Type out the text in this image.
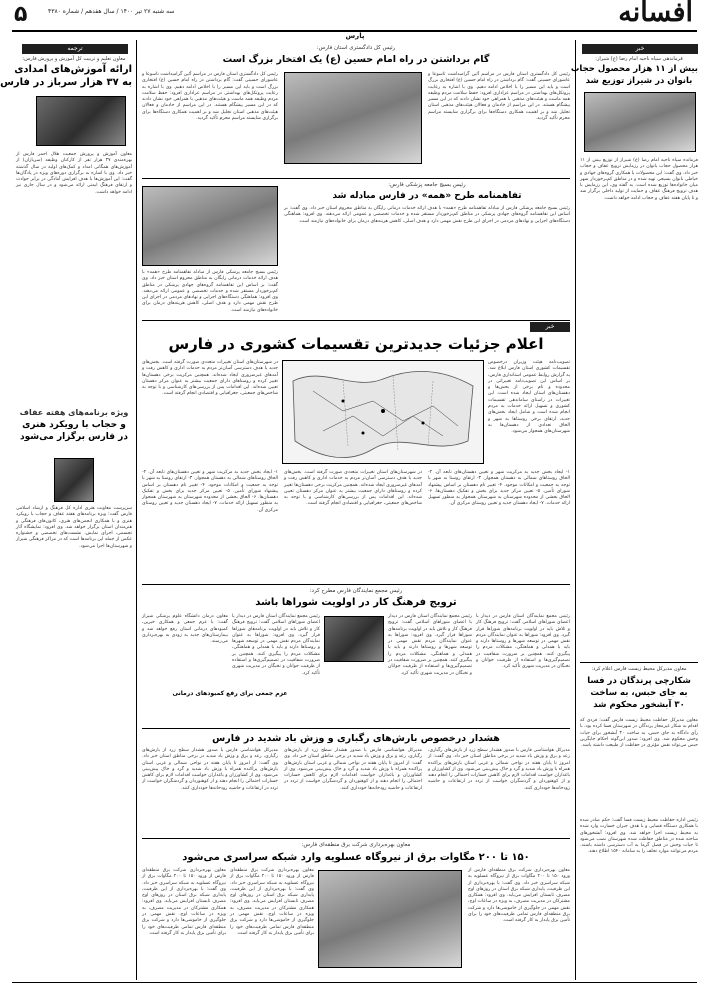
افسانه
سه شنبه ۲۷ تیر ۱۴۰۰ / سال هفدهم / شماره ۴۳۸۰
۵
پارس
ترجمه
معاون تعلیم و تربیت کل آموزش و پرورش فارس:
ارائه آموزش‌های امدادی
به ۳۷ هزار سرباز در فارس
معاون آموزش و پرورش جمعیت هلال احمر فارس از بهره‌مندی ۳۷ هزار نفر از کارکنان وظیفه (سربازان) از آموزش‌های همگانی امداد و کمک‌های اولیه در سال گذشته خبر داد. وی با اشاره به برگزاری دوره‌های ویژه در پادگان‌ها گفت: این آموزش‌ها با هدف افزایش آمادگی در برابر حوادث و ارتقای فرهنگ ایمنی ارائه می‌شود و در سال جاری نیز ادامه خواهد داشت.
ویژه برنامه‌های هفته عفاف
و حجاب با رویکرد هنری
در فارس برگزار می‌شود
سرپرست معاونت هنری اداره کل فرهنگ و ارشاد اسلامی فارس گفت: ویژه برنامه‌های هفته عفاف و حجاب با رویکرد هنری و با همکاری انجمن‌های هنری، کانون‌های فرهنگی و هنرمندان استان برگزار خواهد شد. وی افزود: نمایشگاه آثار تجسمی، اجرای نمایش، نشست‌های تخصصی و جشنواره عکس از جمله این برنامه‌ها است که در مراکز فرهنگی شیراز و شهرستان‌ها اجرا می‌شود.
رئیس کل دادگستری استان فارس:
گام برداشتن در راه امام حسین (ع) یک افتخار بزرگ است
رئیس کل دادگستری استان فارس در مراسم آئین گرامیداشت تاسوعا و عاشورای حسینی گفت: گام برداشتن در راه امام حسین (ع) افتخاری بزرگ است و باید این مسیر را با اخلاص ادامه دهیم. وی با اشاره به رعایت پروتکل‌های بهداشتی در مراسم عزاداری افزود: حفظ سلامت مردم وظیفه همه ماست و هیئت‌های مذهبی با همراهی خود نشان دادند که در این مسیر پیشگام هستند. در این مراسم از خادمان و فعالان هیئت‌های مذهبی استان تجلیل شد و بر اهمیت همکاری دستگاه‌ها برای برگزاری شایسته مراسم محرم تأکید گردید.
رئیس کل دادگستری استان فارس در مراسم آئین گرامیداشت تاسوعا و عاشورای حسینی گفت: گام برداشتن در راه امام حسین (ع) افتخاری بزرگ است و باید این مسیر را با اخلاص ادامه دهیم. وی با اشاره به رعایت پروتکل‌های بهداشتی در مراسم عزاداری افزود: حفظ سلامت مردم وظیفه همه ماست و هیئت‌های مذهبی با همراهی خود نشان دادند که در این مسیر پیشگام هستند. در این مراسم از خادمان و فعالان هیئت‌های مذهبی استان تجلیل شد و بر اهمیت همکاری دستگاه‌ها برای برگزاری شایسته مراسم محرم تأکید گردید.
رئیس بسیج جامعه پزشکی فارس:
تفاهمنامه طرح «همه» در فارس مبادله شد
رئیس بسیج جامعه پزشکی فارس از مبادله تفاهمنامه طرح «همه» با هدف ارائه خدمات درمانی رایگان به مناطق محروم استان خبر داد. وی گفت: بر اساس این تفاهمنامه گروه‌های جهادی پزشکی در مناطق کم‌برخوردار مستقر شده و خدمات تخصصی و عمومی ارائه می‌دهند. وی افزود: هماهنگی دستگاه‌های اجرایی و نهادهای مردمی در اجرای این طرح نقش مهمی دارد و هدف اصلی، کاهش هزینه‌های درمان برای خانواده‌های نیازمند است.
رئیس بسیج جامعه پزشکی فارس از مبادله تفاهمنامه طرح «همه» با هدف ارائه خدمات درمانی رایگان به مناطق محروم استان خبر داد. وی گفت: بر اساس این تفاهمنامه گروه‌های جهادی پزشکی در مناطق کم‌برخوردار مستقر شده و خدمات تخصصی و عمومی ارائه می‌دهند. وی افزود: هماهنگی دستگاه‌های اجرایی و نهادهای مردمی در اجرای این طرح نقش مهمی دارد و هدف اصلی، کاهش هزینه‌های درمان برای خانواده‌های نیازمند است.
خبر
اعلام جزئیات جدیدترین تقسیمات کشوری در فارس
تصویب‌نامه هیئت وزیران درخصوص تقسیمات کشوری استان فارس ابلاغ شد. به گزارش روابط عمومی استانداری فارس، بر اساس این تصویب‌نامه تغییراتی در محدوده و نام برخی از بخش‌ها و دهستان‌های استان ایجاد شده است. این تغییرات در راستای ساماندهی تقسیمات کشوری و تسهیل ارائه خدمات به مردم انجام شده است و شامل ایجاد بخش‌های جدید، ارتقای برخی روستاها به شهر و الحاق تعدادی از دهستان‌ها به شهرستان‌های همجوار می‌شود.
در شهرستان‌های استان تغییرات متعددی صورت گرفته است. بخش‌های جدید با هدف دسترسی آسان‌تر مردم به خدمات اداری و کاهش رفت و آمدهای غیرضروری ایجاد شده‌اند. همچنین مرکزیت برخی دهستان‌ها تغییر کرده و روستاهای دارای جمعیت بیشتر به عنوان مرکز دهستان تعیین شده‌اند. این اقدامات پس از بررسی‌های کارشناسی و با توجه به شاخص‌های جمعیتی، جغرافیایی و اقتصادی انجام گرفته است.
۱- ایجاد بخش جدید به مرکزیت شهر و تعیین دهستان‌های تابعه آن. ۲- الحاق روستاهای شمالی به دهستان همجوار. ۳- ارتقای روستا به شهر با توجه به جمعیت و امکانات موجود. ۴- تغییر نام دهستان بر اساس پیشنهاد شورای تأمین. ۵- تعیین مرکز جدید برای بخش و تفکیک دهستان‌ها. ۶- الحاق بخشی از محدوده شهرستان به شهرستان همجوار به منظور تسهیل ارائه خدمات. ۷- ایجاد دهستان جدید و تعیین روستای مرکزی آن.
در شهرستان‌های استان تغییرات متعددی صورت گرفته است. بخش‌های جدید با هدف دسترسی آسان‌تر مردم به خدمات اداری و کاهش رفت و آمدهای غیرضروری ایجاد شده‌اند. همچنین مرکزیت برخی دهستان‌ها تغییر کرده و روستاهای دارای جمعیت بیشتر به عنوان مرکز دهستان تعیین شده‌اند. این اقدامات پس از بررسی‌های کارشناسی و با توجه به شاخص‌های جمعیتی، جغرافیایی و اقتصادی انجام گرفته است.
۱- ایجاد بخش جدید به مرکزیت شهر و تعیین دهستان‌های تابعه آن. ۲- الحاق روستاهای شمالی به دهستان همجوار. ۳- ارتقای روستا به شهر با توجه به جمعیت و امکانات موجود. ۴- تغییر نام دهستان بر اساس پیشنهاد شورای تأمین. ۵- تعیین مرکز جدید برای بخش و تفکیک دهستان‌ها. ۶- الحاق بخشی از محدوده شهرستان به شهرستان همجوار به منظور تسهیل ارائه خدمات. ۷- ایجاد دهستان جدید و تعیین روستای مرکزی آن.
رئیس مجمع نمایندگان فارس مطرح کرد:
ترویج فرهنگ کار در اولویت شوراها باشد
رئیس مجمع نمایندگان استان فارس در دیدار با اعضای شوراهای اسلامی گفت: ترویج فرهنگ کار و تلاش باید در اولویت برنامه‌های شوراها قرار گیرد. وی افزود: شوراها به عنوان نمایندگان مردم نقش مهمی در توسعه شهرها و روستاها دارند و باید با همدلی و هماهنگی، مشکلات مردم را پیگیری کنند. همچنین بر ضرورت شفافیت در تصمیم‌گیری‌ها و استفاده از ظرفیت جوانان و نخبگان در مدیریت شهری تأکید کرد.
رئیس مجمع نمایندگان استان فارس در دیدار با اعضای شوراهای اسلامی گفت: ترویج فرهنگ کار و تلاش باید در اولویت برنامه‌های شوراها قرار گیرد. وی افزود: شوراها به عنوان نمایندگان مردم نقش مهمی در توسعه شهرها و روستاها دارند و باید با همدلی و هماهنگی، مشکلات مردم را پیگیری کنند. همچنین بر ضرورت شفافیت در تصمیم‌گیری‌ها و استفاده از ظرفیت جوانان و نخبگان در مدیریت شهری تأکید کرد.
رئیس مجمع نمایندگان استان فارس در دیدار با اعضای شوراهای اسلامی گفت: ترویج فرهنگ کار و تلاش باید در اولویت برنامه‌های شوراها قرار گیرد. وی افزود: شوراها به عنوان نمایندگان مردم نقش مهمی در توسعه شهرها و روستاها دارند و باید با همدلی و هماهنگی، مشکلات مردم را پیگیری کنند. همچنین بر ضرورت شفافیت در تصمیم‌گیری‌ها و استفاده از ظرفیت جوانان و نخبگان در مدیریت شهری تأکید کرد.
عزم جمعی برای رفع کمبودهای درمانی
معاون درمان دانشگاه علوم پزشکی شیراز گفت: با عزم جمعی و همکاری خیرین، کمبودهای درمانی استان رفع خواهد شد و بیمارستان‌های جدید به زودی به بهره‌برداری می‌رسند.
هشدار درخصوص بارش‌های رگباری و وزش باد شدید در فارس
مدیرکل هواشناسی فارس با صدور هشدار سطح زرد از بارش‌های رگباری، رعد و برق و وزش باد شدید در برخی مناطق استان خبر داد. وی گفت: از امروز تا پایان هفته در نواحی شمالی و غربی استان بارش‌های پراکنده همراه با وزش باد شدید و گرد و خاک پیش‌بینی می‌شود. وی از کشاورزان و باغداران خواست اقدامات لازم برای کاهش خسارات احتمالی را انجام دهند و از کوهنوردان و گردشگران خواست از تردد در ارتفاعات و حاشیه رودخانه‌ها خودداری کنند.
مدیرکل هواشناسی فارس با صدور هشدار سطح زرد از بارش‌های رگباری، رعد و برق و وزش باد شدید در برخی مناطق استان خبر داد. وی گفت: از امروز تا پایان هفته در نواحی شمالی و غربی استان بارش‌های پراکنده همراه با وزش باد شدید و گرد و خاک پیش‌بینی می‌شود. وی از کشاورزان و باغداران خواست اقدامات لازم برای کاهش خسارات احتمالی را انجام دهند و از کوهنوردان و گردشگران خواست از تردد در ارتفاعات و حاشیه رودخانه‌ها خودداری کنند.
مدیرکل هواشناسی فارس با صدور هشدار سطح زرد از بارش‌های رگباری، رعد و برق و وزش باد شدید در برخی مناطق استان خبر داد. وی گفت: از امروز تا پایان هفته در نواحی شمالی و غربی استان بارش‌های پراکنده همراه با وزش باد شدید و گرد و خاک پیش‌بینی می‌شود. وی از کشاورزان و باغداران خواست اقدامات لازم برای کاهش خسارات احتمالی را انجام دهند و از کوهنوردان و گردشگران خواست از تردد در ارتفاعات و حاشیه رودخانه‌ها خودداری کنند.
معاون بهره‌برداری شرکت برق منطقه‌ای فارس:
۱۵۰ تا ۲۰۰ مگاوات برق از نیروگاه عسلویه وارد شبکه سراسری می‌شود
معاون بهره‌برداری شرکت برق منطقه‌ای فارس از ورود ۱۵۰ تا ۲۰۰ مگاوات برق از نیروگاه عسلویه به شبکه سراسری خبر داد. وی گفت: با بهره‌برداری از این ظرفیت، پایداری شبکه برق استان در روزهای اوج مصرف تابستان افزایش می‌یابد. وی افزود: همکاری مشترکان در مدیریت مصرف، به ویژه در ساعات اوج، نقش مهمی در جلوگیری از خاموشی‌ها دارد و شرکت برق منطقه‌ای فارس تمامی ظرفیت‌های خود را برای تأمین برق پایدار به کار گرفته است.
معاون بهره‌برداری شرکت برق منطقه‌ای فارس از ورود ۱۵۰ تا ۲۰۰ مگاوات برق از نیروگاه عسلویه به شبکه سراسری خبر داد. وی گفت: با بهره‌برداری از این ظرفیت، پایداری شبکه برق استان در روزهای اوج مصرف تابستان افزایش می‌یابد. وی افزود: همکاری مشترکان در مدیریت مصرف، به ویژه در ساعات اوج، نقش مهمی در جلوگیری از خاموشی‌ها دارد و شرکت برق منطقه‌ای فارس تمامی ظرفیت‌های خود را برای تأمین برق پایدار به کار گرفته است.
معاون بهره‌برداری شرکت برق منطقه‌ای فارس از ورود ۱۵۰ تا ۲۰۰ مگاوات برق از نیروگاه عسلویه به شبکه سراسری خبر داد. وی گفت: با بهره‌برداری از این ظرفیت، پایداری شبکه برق استان در روزهای اوج مصرف تابستان افزایش می‌یابد. وی افزود: همکاری مشترکان در مدیریت مصرف، به ویژه در ساعات اوج، نقش مهمی در جلوگیری از خاموشی‌ها دارد و شرکت برق منطقه‌ای فارس تمامی ظرفیت‌های خود را برای تأمین برق پایدار به کار گرفته است.
خبر
فرماندهی سپاه ناحیه امام رضا (ع) شیراز:
بیش از ۱۱ هزار محصول حجاب
بانوان در شیراز توزیع شد
فرمانده سپاه ناحیه امام رضا (ع) شیراز از توزیع بیش از ۱۱ هزار محصول حجاب بانوان در رزمایش ترویج عفاف و حجاب خبر داد. وی گفت: این محصولات با همکاری گروه‌های جهادی و خیاطی بانوان بسیجی تهیه شده و در مناطق کم‌برخوردار شهر میان خانواده‌ها توزیع شده است. به گفته وی، این رزمایش با هدف ترویج فرهنگ عفاف و حمایت از تولید داخلی برگزار شد و تا پایان هفته عفاف و حجاب ادامه خواهد داشت.
معاون مدیرکل محیط زیست فارس اعلام کرد:
شکارچی پرندگان در فسا
به جای حبس، به ساخت
۳۰ آبشخور محکوم شد
معاون مدیرکل حفاظت محیط زیست فارس گفت: فردی که اقدام به شکار غیرمجاز پرندگان در شهرستان فسا کرده بود، با رأی دادگاه به جای حبس، به ساخت ۳۰ آبشخور برای حیات وحش محکوم شد. وی افزود: صدور این‌گونه احکام جایگزین حبس می‌تواند نقش مؤثری در حفاظت از طبیعت داشته باشد.
رئیس اداره حفاظت محیط زیست فسا گفت: حکم صادر شده با همکاری دستگاه قضایی و با هدف جبران خسارت وارد شده به محیط زیست اجرا خواهد شد. وی افزود: آبشخورهای ساخته شده در مناطق حفاظت شده شهرستان نصب می‌شود تا حیات وحش در فصل گرما به آب دسترسی داشته باشند. مردم می‌توانند موارد تخلف را به سامانه ۱۵۴۰ اطلاع دهند.
